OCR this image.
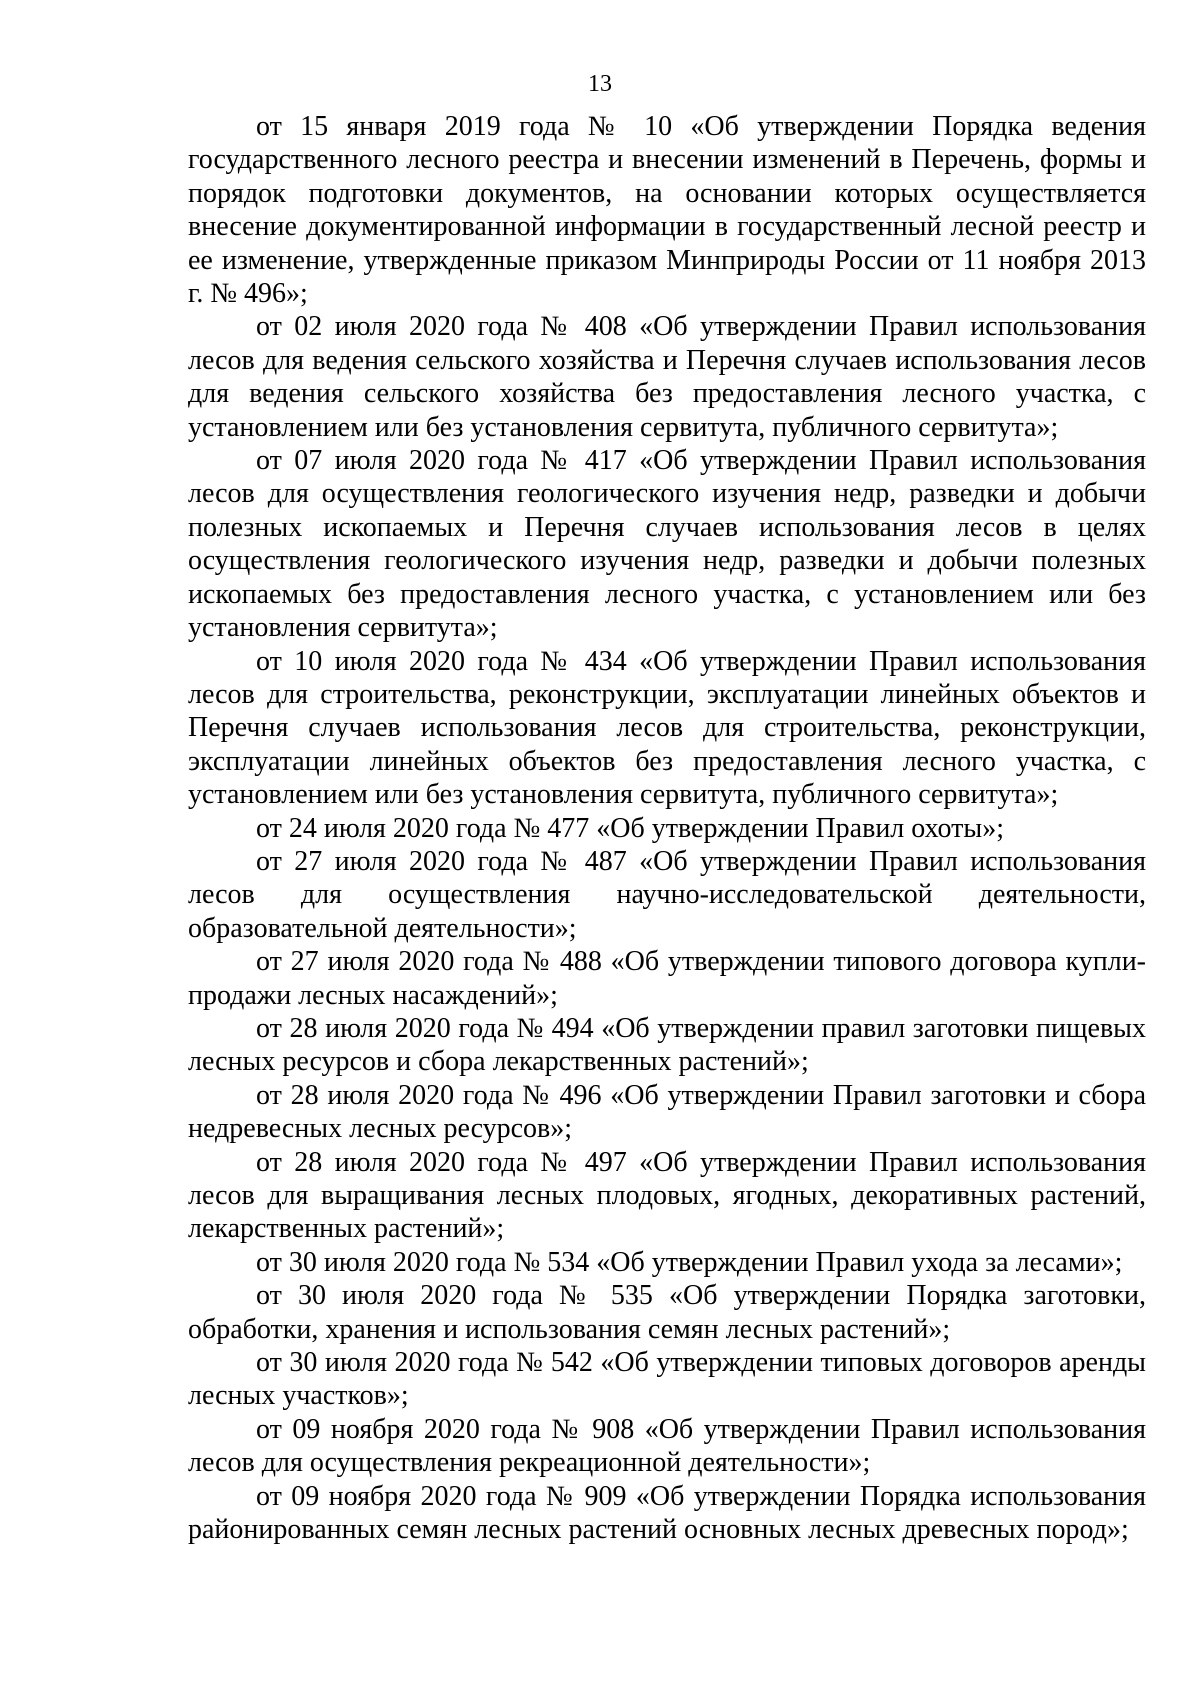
13

от 15 января 2019 года № 10 «Об утверждении Порядка ведения государственного лесного реестра и внесении изменений в Перечень, формы и порядок подготовки документов, на основании которых осуществляется внесение документированной информации в государственный лесной реестр и ее изменение, утвержденные приказом Минприроды России от 11 ноября 2013 г. № 496»;

от 02 июля 2020 года № 408 «Об утверждении Правил использования лесов для ведения сельского хозяйства и Перечня случаев использования лесов для ведения сельского хозяйства без предоставления лесного участка, с установлением или без установления сервитута, публичного сервитута»;

от 07 июля 2020 года № 417 «Об утверждении Правил использования лесов для осуществления геологического изучения недр, разведки и добычи полезных ископаемых и Перечня случаев использования лесов в целях осуществления геологического изучения недр, разведки и добычи полезных ископаемых без предоставления лесного участка, с установлением или без установления сервитута»;

от 10 июля 2020 года № 434 «Об утверждении Правил использования лесов для строительства, реконструкции, эксплуатации линейных объектов и Перечня случаев использования лесов для строительства, реконструкции, эксплуатации линейных объектов без предоставления лесного участка, с установлением или без установления сервитута, публичного сервитута»;

от 24 июля 2020 года № 477 «Об утверждении Правил охоты»;

от 27 июля 2020 года № 487 «Об утверждении Правил использования лесов для осуществления научно-исследовательской деятельности, образовательной деятельности»;

от 27 июля 2020 года № 488 «Об утверждении типового договора купли-продажи лесных насаждений»;

от 28 июля 2020 года № 494 «Об утверждении правил заготовки пищевых лесных ресурсов и сбора лекарственных растений»;

от 28 июля 2020 года № 496 «Об утверждении Правил заготовки и сбора недревесных лесных ресурсов»;

от 28 июля 2020 года № 497 «Об утверждении Правил использования лесов для выращивания лесных плодовых, ягодных, декоративных растений, лекарственных растений»;

от 30 июля 2020 года № 534 «Об утверждении Правил ухода за лесами»;

от 30 июля 2020 года № 535 «Об утверждении Порядка заготовки, обработки, хранения и использования семян лесных растений»;

от 30 июля 2020 года № 542 «Об утверждении типовых договоров аренды лесных участков»;

от 09 ноября 2020 года № 908 «Об утверждении Правил использования лесов для осуществления рекреационной деятельности»;

от 09 ноября 2020 года № 909 «Об утверждении Порядка использования районированных семян лесных растений основных лесных древесных пород»;
